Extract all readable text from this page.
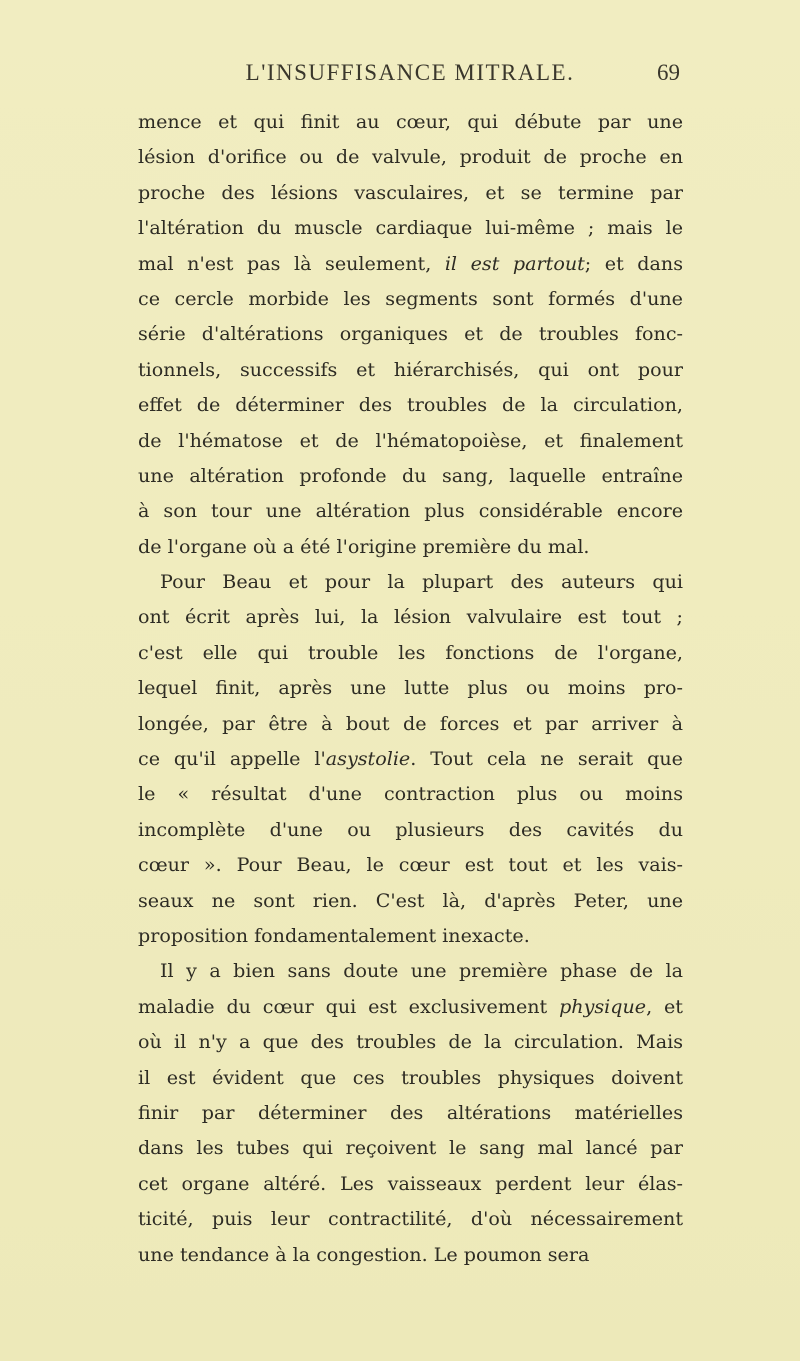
L'INSUFFISANCE MITRALE.	69
mence et qui finit au cœur, qui débute par une
lésion d'orifice ou de valvule, produit de proche en
proche des lésions vasculaires, et se termine par
l'altération du muscle cardiaque lui-même ; mais le
mal n'est pas là seulement, il est partout; et dans
ce cercle morbide les segments sont formés d'une
série d'altérations organiques et de troubles fonc-
tionnels, successifs et hiérarchisés, qui ont pour
effet de déterminer des troubles de la circulation,
de l'hématose et de l'hématopoièse, et finalement
une altération profonde du sang, laquelle entraîne
à son tour une altération plus considérable encore
de l'organe où a été l'origine première du mal.
Pour Beau et pour la plupart des auteurs qui
ont écrit après lui, la lésion valvulaire est tout ;
c'est elle qui trouble les fonctions de l'organe,
lequel finit, après une lutte plus ou moins pro-
longée, par être à bout de forces et par arriver à
ce qu'il appelle l'asystolie. Tout cela ne serait que
le « résultat d'une contraction plus ou moins
incomplète d'une ou plusieurs des cavités du
cœur ». Pour Beau, le cœur est tout et les vais-
seaux ne sont rien. C'est là, d'après Peter, une
proposition fondamentalement inexacte.
Il y a bien sans doute une première phase de la
maladie du cœur qui est exclusivement physique, et
où il n'y a que des troubles de la circulation. Mais
il est évident que ces troubles physiques doivent
finir par déterminer des altérations matérielles
dans les tubes qui reçoivent le sang mal lancé par
cet organe altéré. Les vaisseaux perdent leur élas-
ticité, puis leur contractilité, d'où nécessairement
une tendance à la congestion. Le poumon sera
